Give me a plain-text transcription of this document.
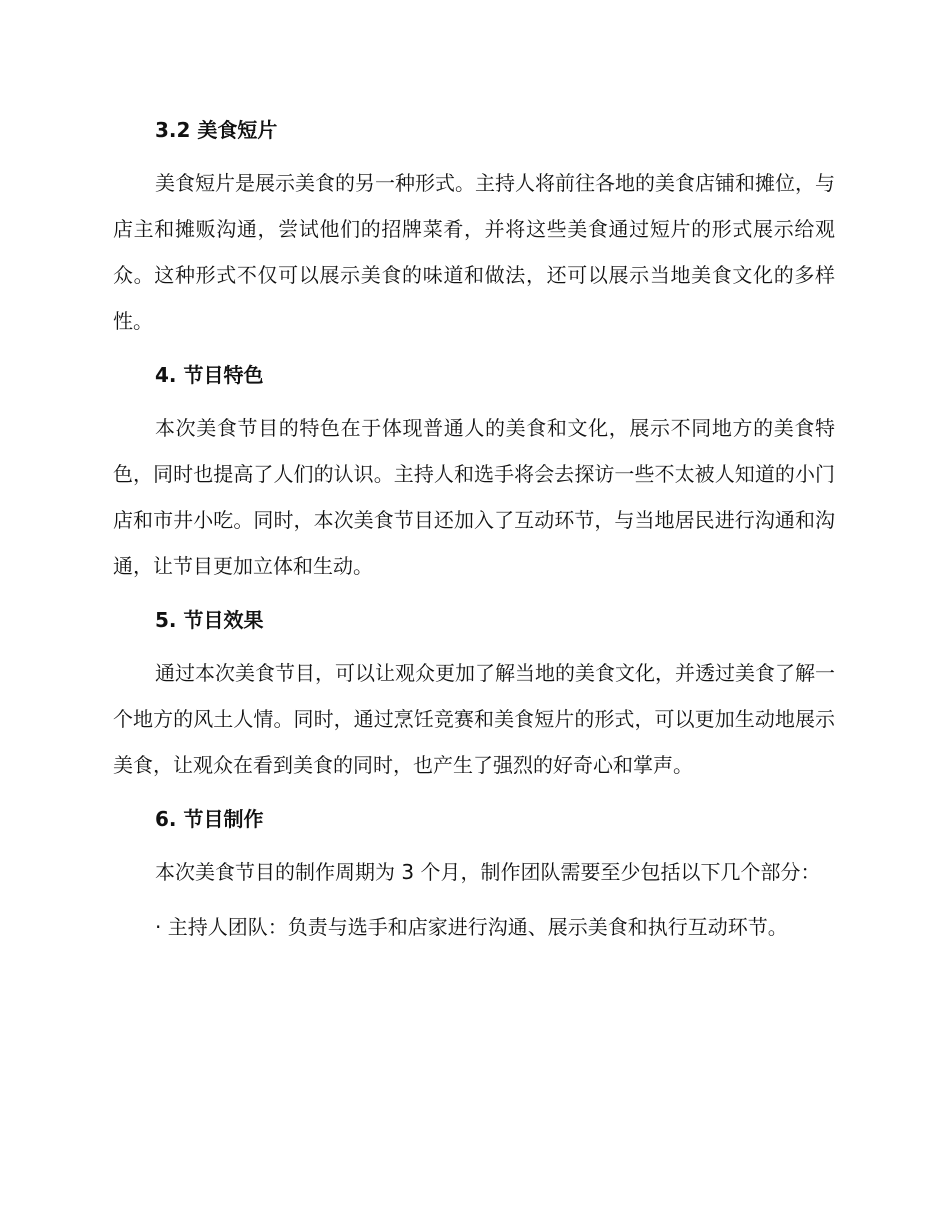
3.2 美食短片

美食短片是展示美食的另一种形式。主持人将前往各地的美食店铺和摊位，与店主和摊贩沟通，尝试他们的招牌菜肴，并将这些美食通过短片的形式展示给观众。这种形式不仅可以展示美食的味道和做法，还可以展示当地美食文化的多样性。

4. 节目特色

本次美食节目的特色在于体现普通人的美食和文化，展示不同地方的美食特色，同时也提高了人们的认识。主持人和选手将会去探访一些不太被人知道的小门店和市井小吃。同时，本次美食节目还加入了互动环节，与当地居民进行沟通和沟通，让节目更加立体和生动。

5. 节目效果

通过本次美食节目，可以让观众更加了解当地的美食文化，并透过美食了解一个地方的风土人情。同时，通过烹饪竞赛和美食短片的形式，可以更加生动地展示美食，让观众在看到美食的同时，也产生了强烈的好奇心和掌声。

6. 节目制作

本次美食节目的制作周期为 3 个月，制作团队需要至少包括以下几个部分：

· 主持人团队：负责与选手和店家进行沟通、展示美食和执行互动环节。
